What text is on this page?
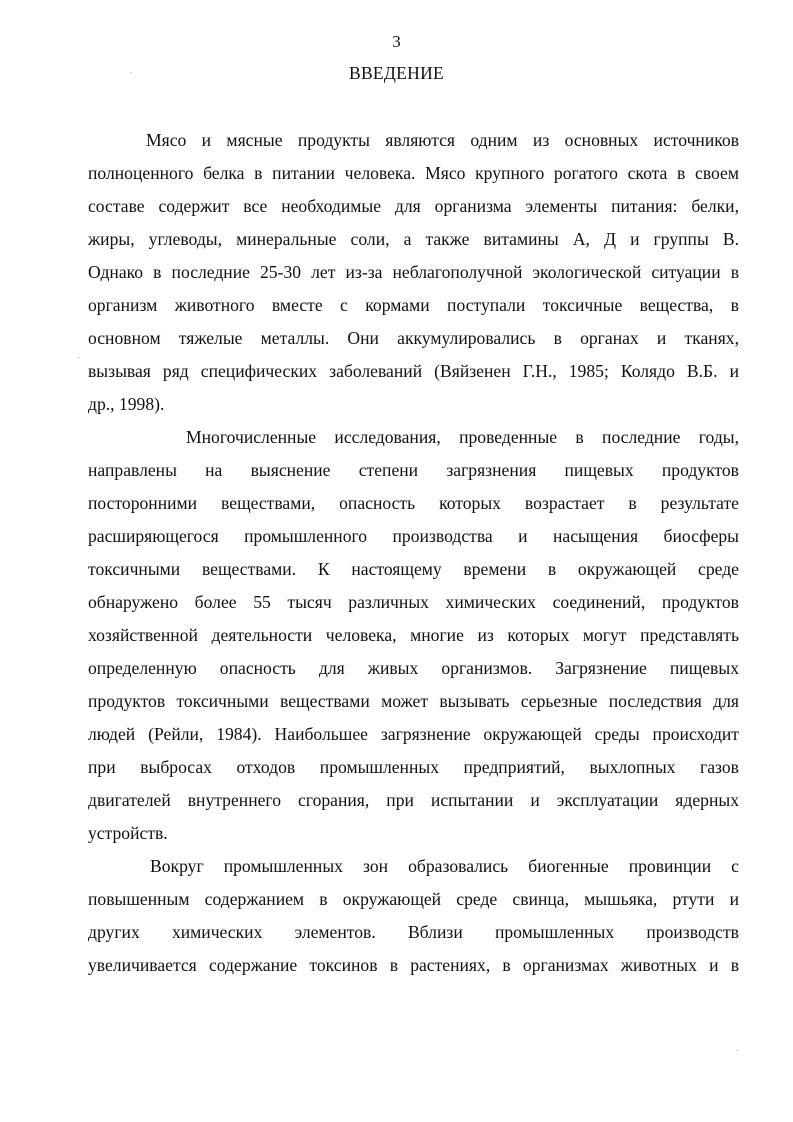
3
ВВЕДЕНИЕ
Мясо и мясные продукты являются одним из основных источников
полноценного белка в питании человека. Мясо крупного рогатого скота в своем
составе содержит все необходимые для организма элементы питания: белки,
жиры, углеводы, минеральные соли, а также витамины А, Д и группы В.
Однако в последние 25-30 лет из-за неблагополучной экологической ситуации в
организм животного вместе с кормами поступали токсичные вещества, в
основном тяжелые металлы. Они аккумулировались в органах и тканях,
вызывая ряд специфических заболеваний (Вяйзенен Г.Н., 1985; Колядо В.Б. и
др., 1998).
Многочисленные исследования, проведенные в последние годы,
направлены на выяснение степени загрязнения пищевых продуктов
посторонними веществами, опасность которых возрастает в результате
расширяющегося промышленного производства и насыщения биосферы
токсичными веществами. К настоящему времени в окружающей среде
обнаружено более 55 тысяч различных химических соединений, продуктов
хозяйственной деятельности человека, многие из которых могут представлять
определенную опасность для живых организмов. Загрязнение пищевых
продуктов токсичными веществами может вызывать серьезные последствия для
людей (Рейли, 1984). Наибольшее загрязнение окружающей среды происходит
при выбросах отходов промышленных предприятий, выхлопных газов
двигателей внутреннего сгорания, при испытании и эксплуатации ядерных
устройств.
Вокруг промышленных зон образовались биогенные провинции с
повышенным содержанием в окружающей среде свинца, мышьяка, ртути и
других химических элементов. Вблизи промышленных производств
увеличивается содержание токсинов в растениях, в организмах животных и в
